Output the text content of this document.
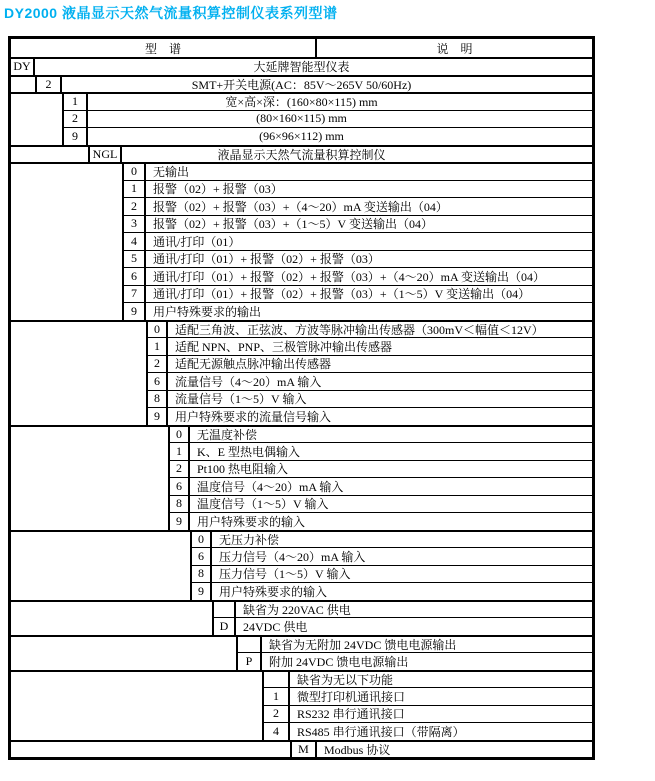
DY2000 液晶显示天然气流量积算控制仪表系列型谱
型　谱	说　明
DY	大延牌智能型仪表
2	SMT+开关电源(AC：85V～265V 50/60Hz)
1	宽×高×深：(160×80×115) mm
2	(80×160×115) mm
9	(96×96×112) mm
NGL	液晶显示天然气流量积算控制仪
0	无输出
1	报警（02）+ 报警（03）
2	报警（02）+ 报警（03）+（4～20）mA 变送输出（04）
3	报警（02）+ 报警（03）+（1～5）V 变送输出（04）
4	通讯/打印（01）
5	通讯/打印（01）+ 报警（02）+ 报警（03）
6	通讯/打印（01）+ 报警（02）+ 报警（03）+（4～20）mA 变送输出（04）
7	通讯/打印（01）+ 报警（02）+ 报警（03）+（1～5）V 变送输出（04）
9	用户特殊要求的输出
0	适配三角波、正弦波、方波等脉冲输出传感器（300mV＜幅值＜12V）
1	适配 NPN、PNP、三极管脉冲输出传感器
2	适配无源触点脉冲输出传感器
6	流量信号（4～20）mA 输入
8	流量信号（1～5）V 输入
9	用户特殊要求的流量信号输入
0	无温度补偿
1	K、E 型热电偶输入
2	Pt100 热电阻输入
6	温度信号（4～20）mA 输入
8	温度信号（1～5）V 输入
9	用户特殊要求的输入
0	无压力补偿
6	压力信号（4～20）mA 输入
8	压力信号（1～5）V 输入
9	用户特殊要求的输入
缺省为 220VAC 供电
D	24VDC 供电
缺省为无附加 24VDC 馈电电源输出
P	附加 24VDC 馈电电源输出
缺省为无以下功能
1	微型打印机通讯接口
2	RS232 串行通讯接口
4	RS485 串行通讯接口（带隔离）
M	Modbus 协议
